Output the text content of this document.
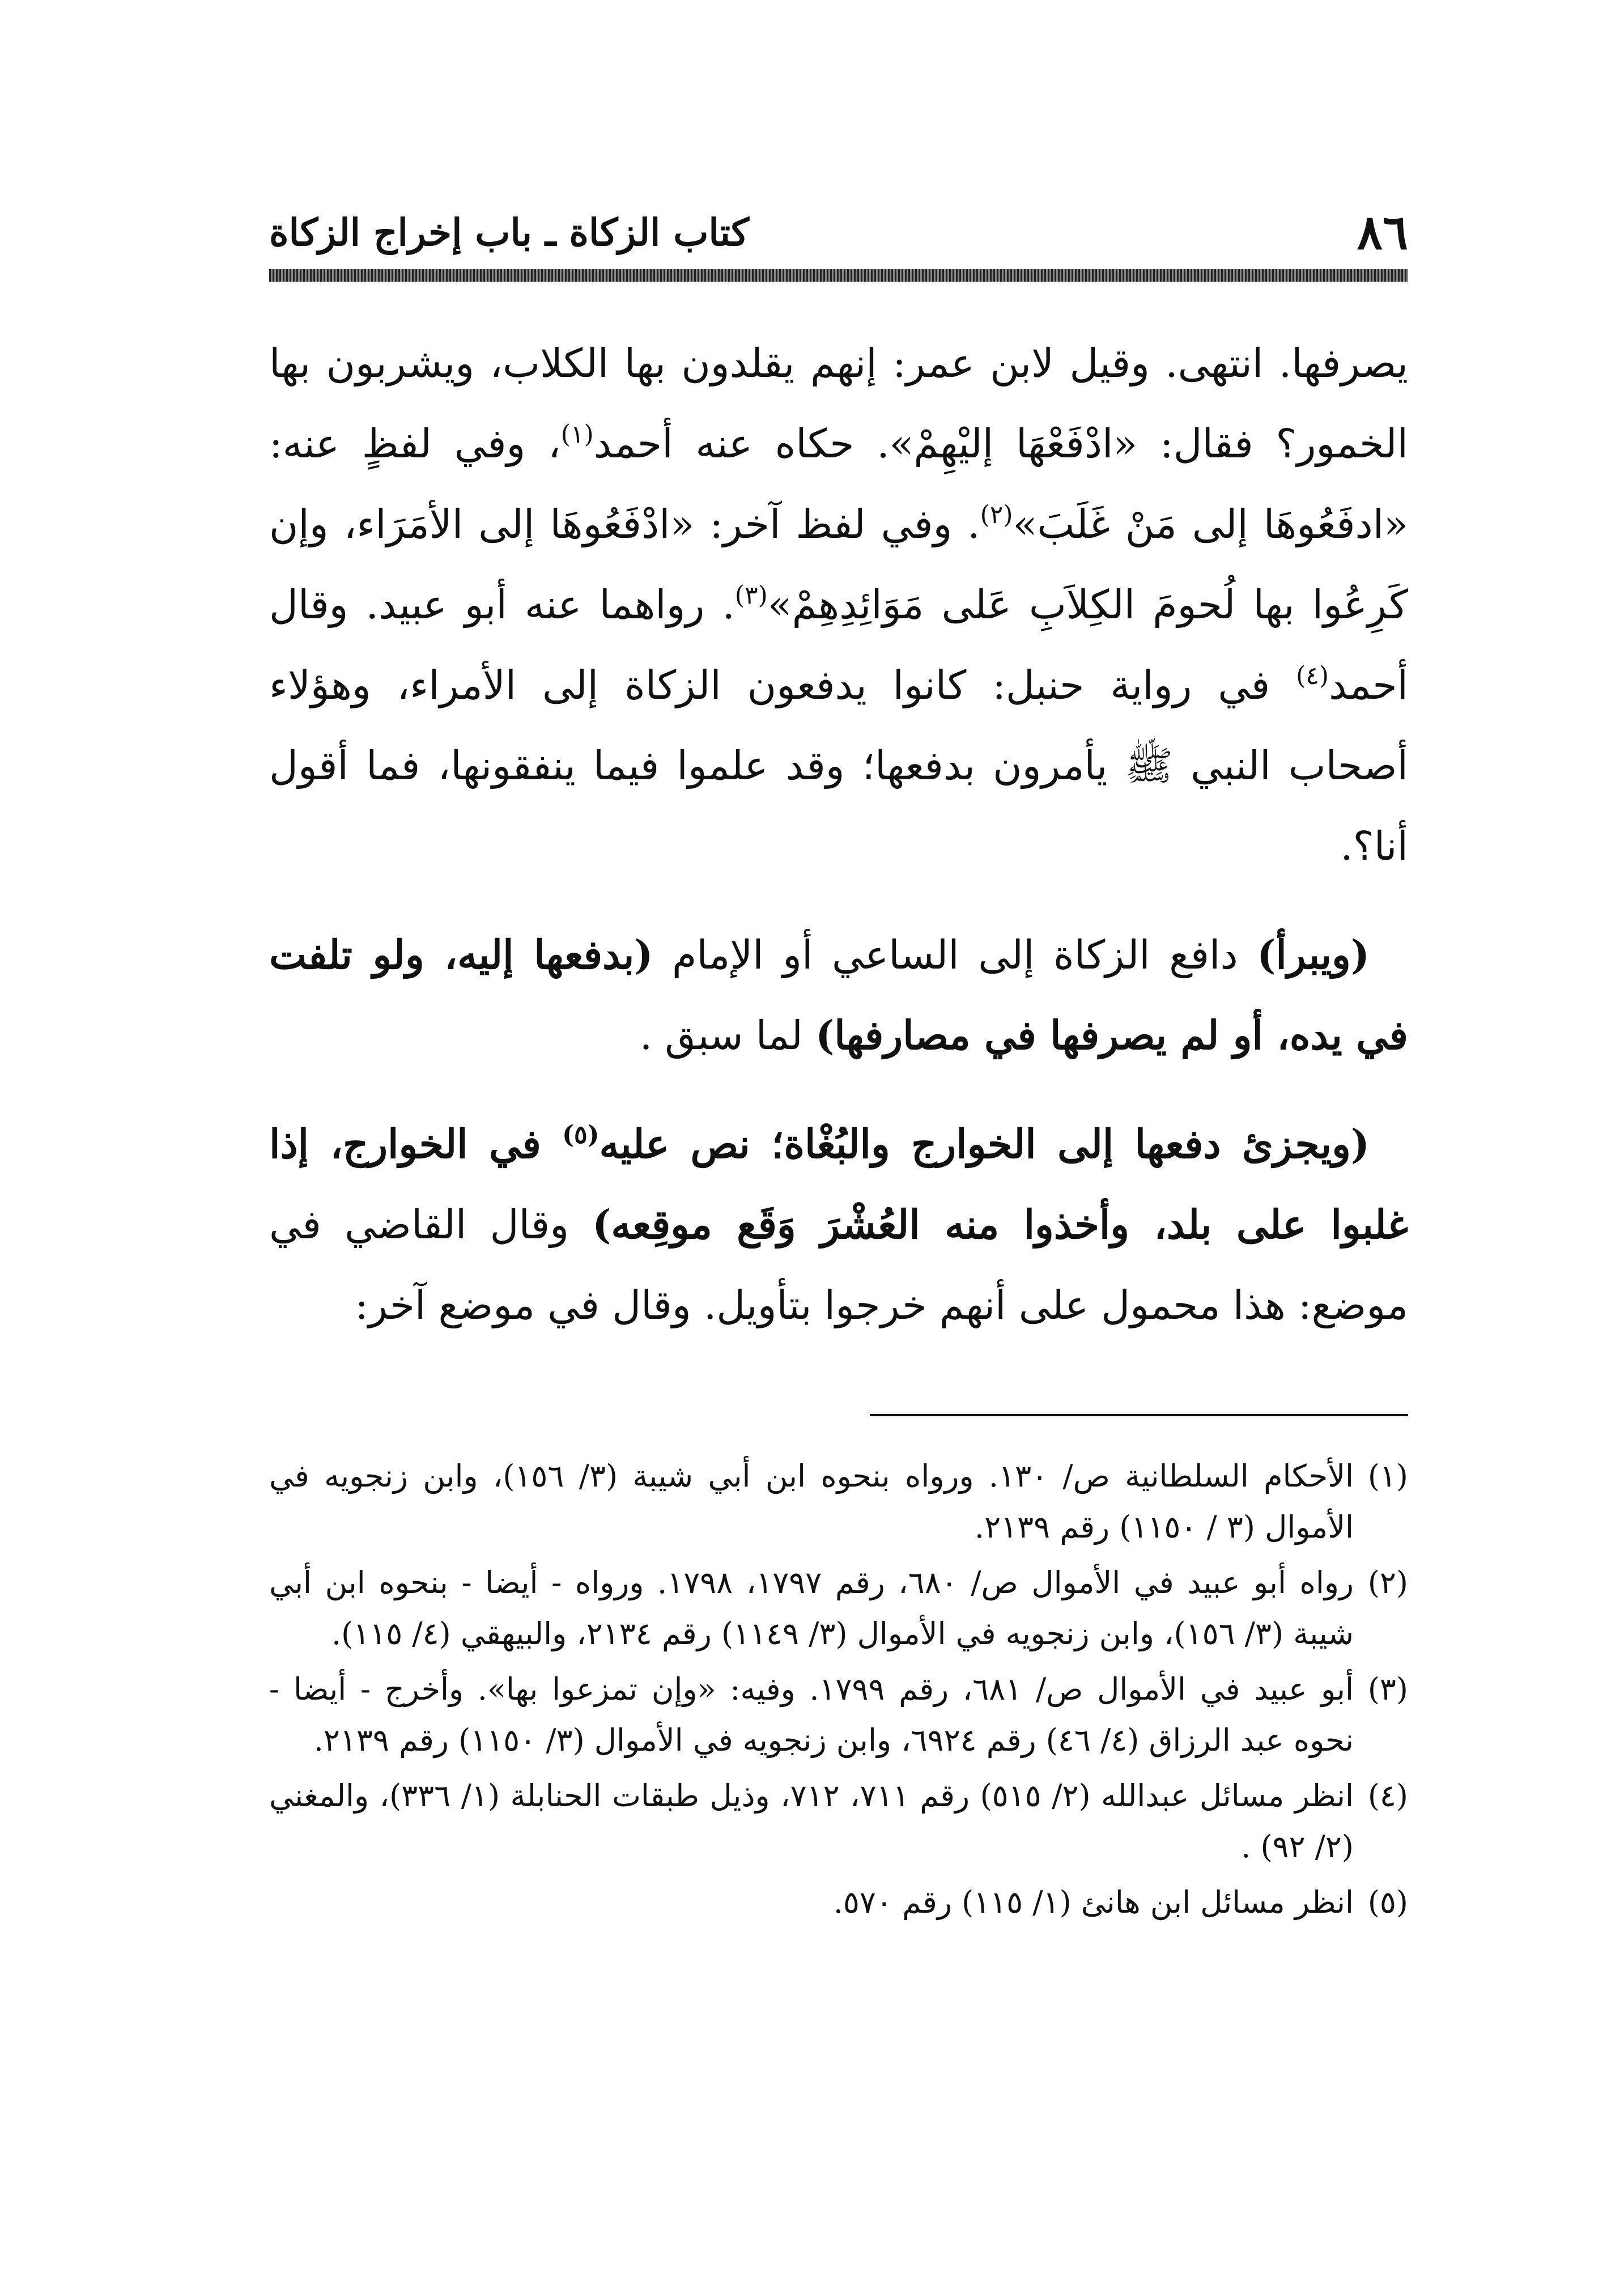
٨٦
كتاب الزكاة ـ باب إخراج الزكاة

يصرفها. انتهى. وقيل لابن عمر: إنهم يقلدون بها الكلاب، ويشربون بها الخمور؟ فقال: «ادْفَعْهَا إليْهِمْ». حكاه عنه أحمد$^{(١)}$، وفي لفظٍ عنه: «ادفَعُوهَا إلى مَنْ غَلَبَ»$^{(٢)}$. وفي لفظ آخر: «ادْفَعُوهَا إلى الأمَرَاء، وإن كَرِعُوا بها لُحومَ الكِلاَبِ عَلى مَوَائِدِهِمْ»$^{(٣)}$. رواهما عنه أبو عبيد. وقال أحمد$^{(٤)}$ في رواية حنبل: كانوا يدفعون الزكاة إلى الأمراء، وهؤلاء أصحاب النبي ﷺ يأمرون بدفعها؛ وقد علموا فيما ينفقونها، فما أقول أنا؟.

(ويبرأ) دافع الزكاة إلى الساعي أو الإمام (بدفعها إليه، ولو تلفت في يده، أو لم يصرفها في مصارفها) لما سبق .

(ويجزئ دفعها إلى الخوارج والبُغْاة؛ نص عليه$^{(٥)}$ في الخوارج، إذا غلبوا على بلد، وأخذوا منه العُشْرَ وَقَع موقِعه) وقال القاضي في موضع: هذا محمول على أنهم خرجوا بتأويل. وقال في موضع آخر:

(١)
الأحكام السلطانية ص/ ١٣٠. ورواه بنحوه ابن أبي شيبة (٣/ ١٥٦)، وابن زنجويه في الأموال (٣ / ١١٥٠) رقم ٢١٣٩.
(٢)
رواه أبو عبيد في الأموال ص/ ٦٨٠، رقم ١٧٩٧، ١٧٩٨. ورواه - أيضا - بنحوه ابن أبي شيبة (٣/ ١٥٦)، وابن زنجويه في الأموال (٣/ ١١٤٩) رقم ٢١٣٤، والبيهقي (٤/ ١١٥).
(٣)
أبو عبيد في الأموال ص/ ٦٨١، رقم ١٧٩٩. وفيه: «وإن تمزعوا بها». وأخرج - أيضا - نحوه عبد الرزاق (٤/ ٤٦) رقم ٦٩٢٤، وابن زنجويه في الأموال (٣/ ١١٥٠) رقم ٢١٣٩.
(٤)
انظر مسائل عبدالله (٢/ ٥١٥) رقم ٧١١، ٧١٢، وذيل طبقات الحنابلة (١/ ٣٣٦)، والمغني (٢/ ٩٢) .
(٥)
انظر مسائل ابن هانئ (١/ ١١٥) رقم ٥٧٠.
